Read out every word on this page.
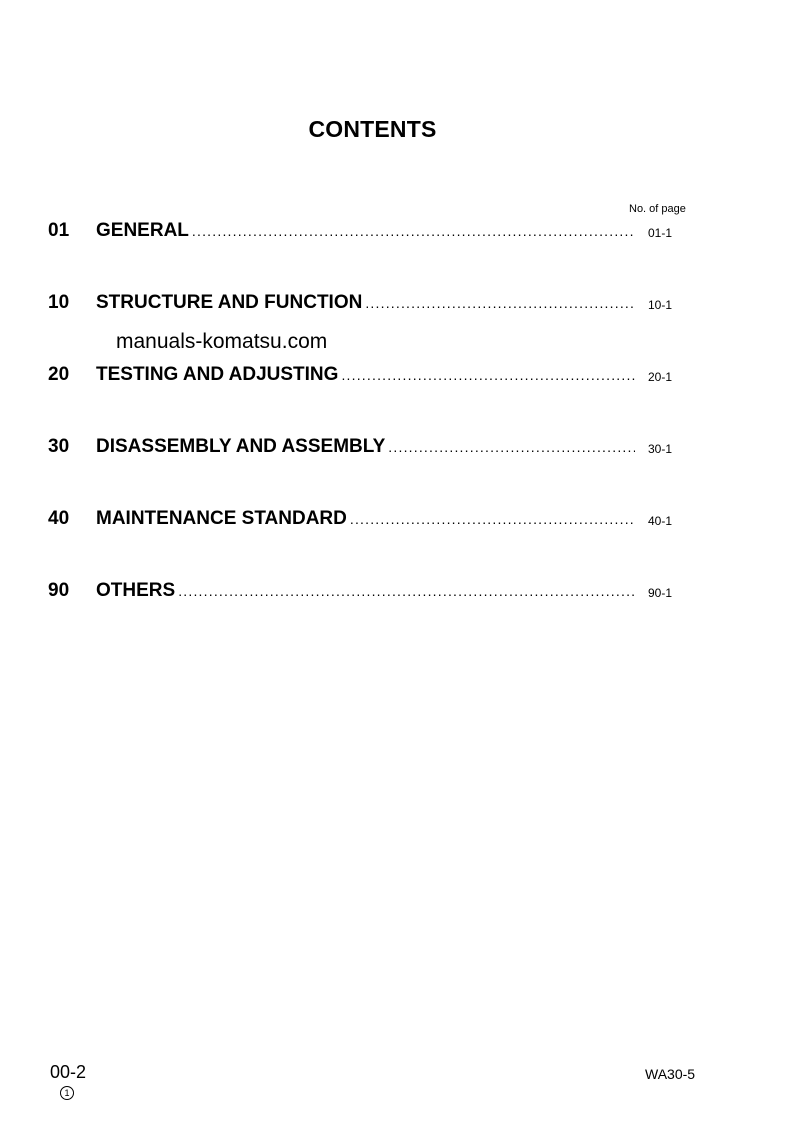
CONTENTS
No. of page
01 GENERAL .....	01-1
10 STRUCTURE AND FUNCTION .....	10-1
20 TESTING AND ADJUSTING .....	20-1
30 DISASSEMBLY AND ASSEMBLY .....	30-1
40 MAINTENANCE STANDARD .....	40-1
90 OTHERS .....	90-1
manuals-komatsu.com
00-2
1
WA30-5
